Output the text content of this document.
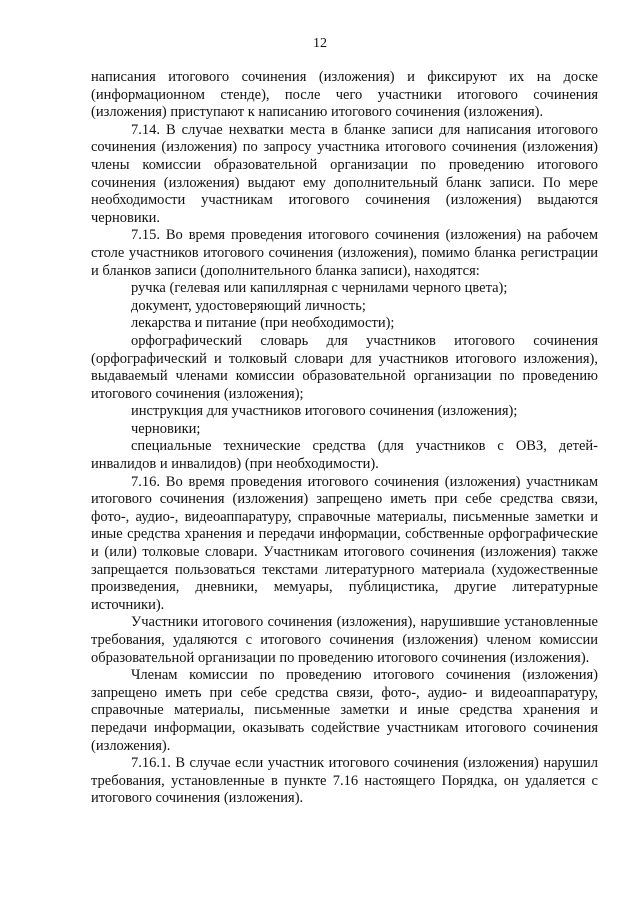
12

написания итогового сочинения (изложения) и фиксируют их на доске (информационном стенде), после чего участники итогового сочинения (изложения) приступают к написанию итогового сочинения (изложения).

7.14. В случае нехватки места в бланке записи для написания итогового сочинения (изложения) по запросу участника итогового сочинения (изложения) члены комиссии образовательной организации по проведению итогового сочинения (изложения) выдают ему дополнительный бланк записи. По мере необходимости участникам итогового сочинения (изложения) выдаются черновики.

7.15. Во время проведения итогового сочинения (изложения) на рабочем столе участников итогового сочинения (изложения), помимо бланка регистрации и бланков записи (дополнительного бланка записи), находятся:

ручка (гелевая или капиллярная с чернилами черного цвета);

документ, удостоверяющий личность;

лекарства и питание (при необходимости);

орфографический словарь для участников итогового сочинения (орфографический и толковый словари для участников итогового изложения), выдаваемый членами комиссии образовательной организации по проведению итогового сочинения (изложения);

инструкция для участников итогового сочинения (изложения);

черновики;

специальные технические средства (для участников с ОВЗ, детей-инвалидов и инвалидов) (при необходимости).

7.16. Во время проведения итогового сочинения (изложения) участникам итогового сочинения (изложения) запрещено иметь при себе средства связи, фото-, аудио-, видеоаппаратуру, справочные материалы, письменные заметки и иные средства хранения и передачи информации, собственные орфографические и (или) толковые словари. Участникам итогового сочинения (изложения) также запрещается пользоваться текстами литературного материала (художественные произведения, дневники, мемуары, публицистика, другие литературные источники).

Участники итогового сочинения (изложения), нарушившие установленные требования, удаляются с итогового сочинения (изложения) членом комиссии образовательной организации по проведению итогового сочинения (изложения).

Членам комиссии по проведению итогового сочинения (изложения) запрещено иметь при себе средства связи, фото-, аудио- и видеоаппаратуру, справочные материалы, письменные заметки и иные средства хранения и передачи информации, оказывать содействие участникам итогового сочинения (изложения).

7.16.1. В случае если участник итогового сочинения (изложения) нарушил требования, установленные в пункте 7.16 настоящего Порядка, он удаляется с итогового сочинения (изложения).
